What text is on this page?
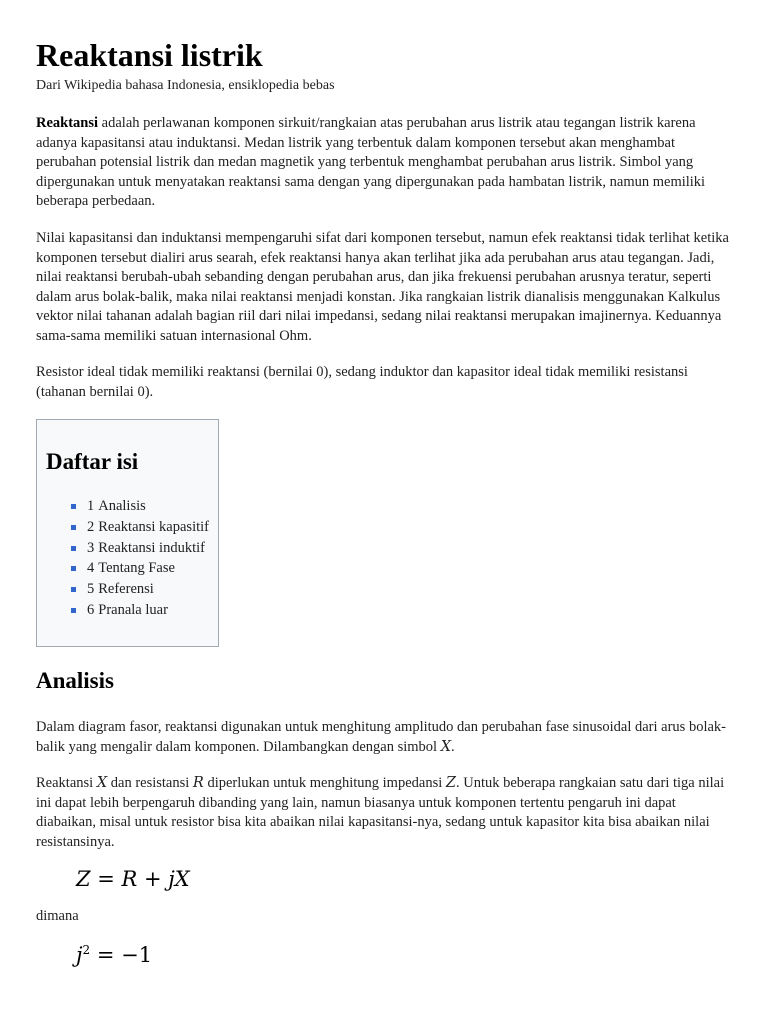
Reaktansi listrik
Dari Wikipedia bahasa Indonesia, ensiklopedia bebas

Reaktansi adalah perlawanan komponen sirkuit/rangkaian atas perubahan arus listrik atau tegangan listrik karena adanya kapasitansi atau induktansi. Medan listrik yang terbentuk dalam komponen tersebut akan menghambat perubahan potensial listrik dan medan magnetik yang terbentuk menghambat perubahan arus listrik. Simbol yang dipergunakan untuk menyatakan reaktansi sama dengan yang dipergunakan pada hambatan listrik, namun memiliki beberapa perbedaan.

Nilai kapasitansi dan induktansi mempengaruhi sifat dari komponen tersebut, namun efek reaktansi tidak terlihat ketika komponen tersebut dialiri arus searah, efek reaktansi hanya akan terlihat jika ada perubahan arus atau tegangan. Jadi, nilai reaktansi berubah-ubah sebanding dengan perubahan arus, dan jika frekuensi perubahan arusnya teratur, seperti dalam arus bolak-balik, maka nilai reaktansi menjadi konstan. Jika rangkaian listrik dianalisis menggunakan Kalkulus vektor nilai tahanan adalah bagian riil dari nilai impedansi, sedang nilai reaktansi merupakan imajinernya. Keduannya sama-sama memiliki satuan internasional Ohm.

Resistor ideal tidak memiliki reaktansi (bernilai 0), sedang induktor dan kapasitor ideal tidak memiliki resistansi (tahanan bernilai 0).

Daftar isi
1 Analisis
2 Reaktansi kapasitif
3 Reaktansi induktif
4 Tentang Fase
5 Referensi
6 Pranala luar
Analisis

Dalam diagram fasor, reaktansi digunakan untuk menghitung amplitudo dan perubahan fase sinusoidal dari arus bolak-balik yang mengalir dalam komponen. Dilambangkan dengan simbol X.

Reaktansi X dan resistansi R diperlukan untuk menghitung impedansi Z. Untuk beberapa rangkaian satu dari tiga nilai ini dapat lebih berpengaruh dibanding yang lain, namun biasanya untuk komponen tertentu pengaruh ini dapat diabaikan, misal untuk resistor bisa kita abaikan nilai kapasitansi-nya, sedang untuk kapasitor kita bisa abaikan nilai resistansinya.

Z = R + jX

dimana

$j^2 = -1$
